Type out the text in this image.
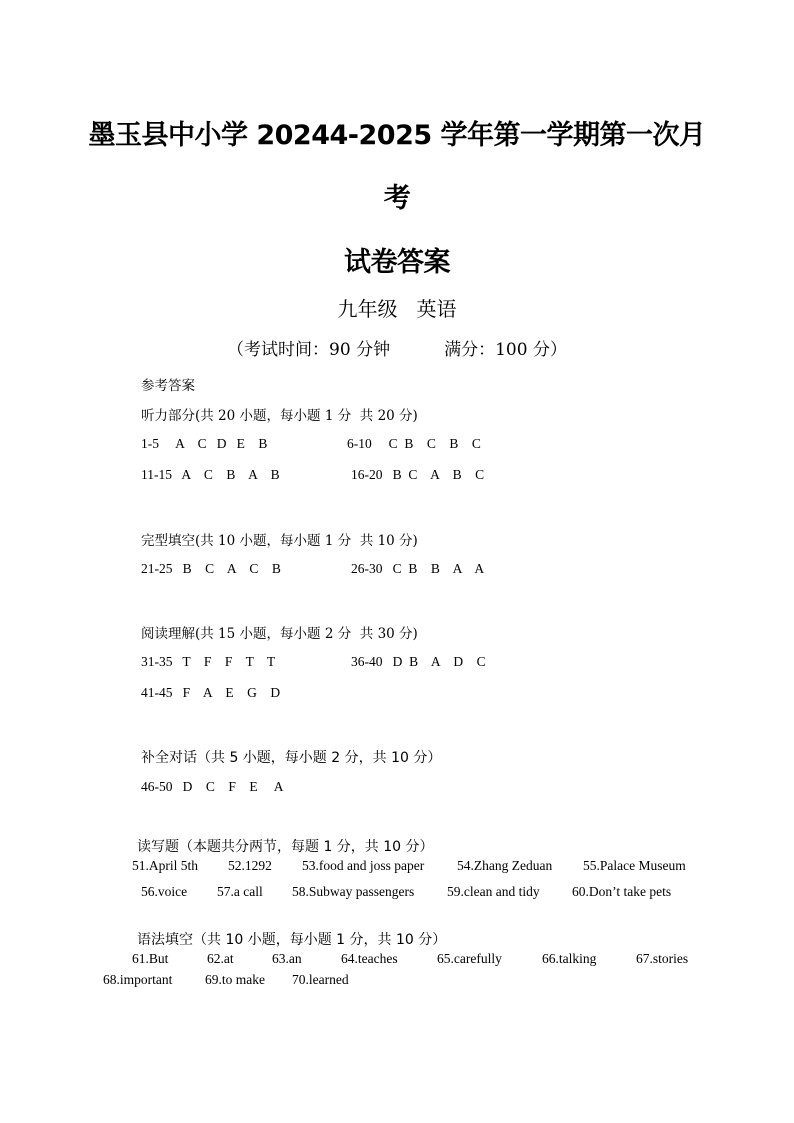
墨玉县中小学 20244-2025 学年第一学期第一次月
考
试卷答案
九年级   英语
（考试时间：90 分钟          满分：100 分）
参考答案
听力部分(共 20 小题，每小题 1 分  共 20 分)
1-5     A    C   D   E    B	6-10     C  B    C    B    C
11-15   A    C    B    A    B	16-20   B  C    A    B    C
完型填空(共 10 小题，每小题 1 分  共 10 分)
21-25   B    C    A    C    B	26-30   C  B    B    A    A
阅读理解(共 15 小题，每小题 2 分  共 30 分)
31-35   T    F    F    T    T	36-40   D  B    A    D    C
41-45   F    A    E    G    D
补全对话（共 5 小题，每小题 2 分，共 10 分）
46-50   D    C    F    E     A
读写题（本题共分两节，每题 1 分，共 10 分）
51.April 5th 52.1292 53.food and joss paper 54.Zhang Zeduan 55.Palace Museum
56.voice 57.a call 58.Subway passengers 59.clean and tidy 60.Don’t take pets
语法填空（共 10 小题，每小题 1 分，共 10 分）
61.But	62.at	63.an	64.teaches	65.carefully	66.talking	67.stories
68.important 69.to make 70.learned
